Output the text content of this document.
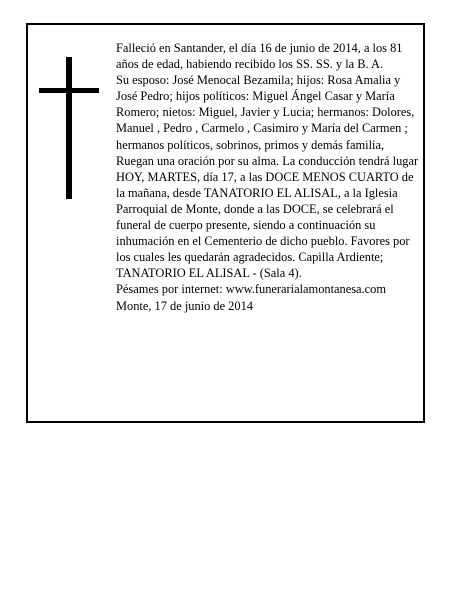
Falleció en Santander, el día 16 de junio de 2014, a los 81 años de edad, habiendo recibido los SS. SS. y la B. A.

Su esposo: José Menocal Bezamila; hijos: Rosa Amalia y José Pedro; hijos políticos: Miguel Ángel Casar y María Romero; nietos: Miguel, Javier y Lucia; hermanos: Dolores, Manuel , Pedro , Carmelo , Casimiro y María del Carmen ; hermanos políticos, sobrinos, primos y demás familia,

Ruegan una oración por su alma. La conducción tendrá lugar HOY, MARTES, día 17, a las DOCE MENOS CUARTO de la mañana, desde TANATORIO EL ALISAL, a la Iglesia Parroquial de Monte, donde a las DOCE, se celebrará el funeral de cuerpo presente, siendo a continuación su inhumación en el Cementerio de dicho pueblo. Favores por los cuales les quedarán agradecidos. Capilla Ardiente; TANATORIO EL ALISAL - (Sala 4).

Pésames por internet: www.funerarialamontanesa.com

Monte, 17 de junio de 2014
